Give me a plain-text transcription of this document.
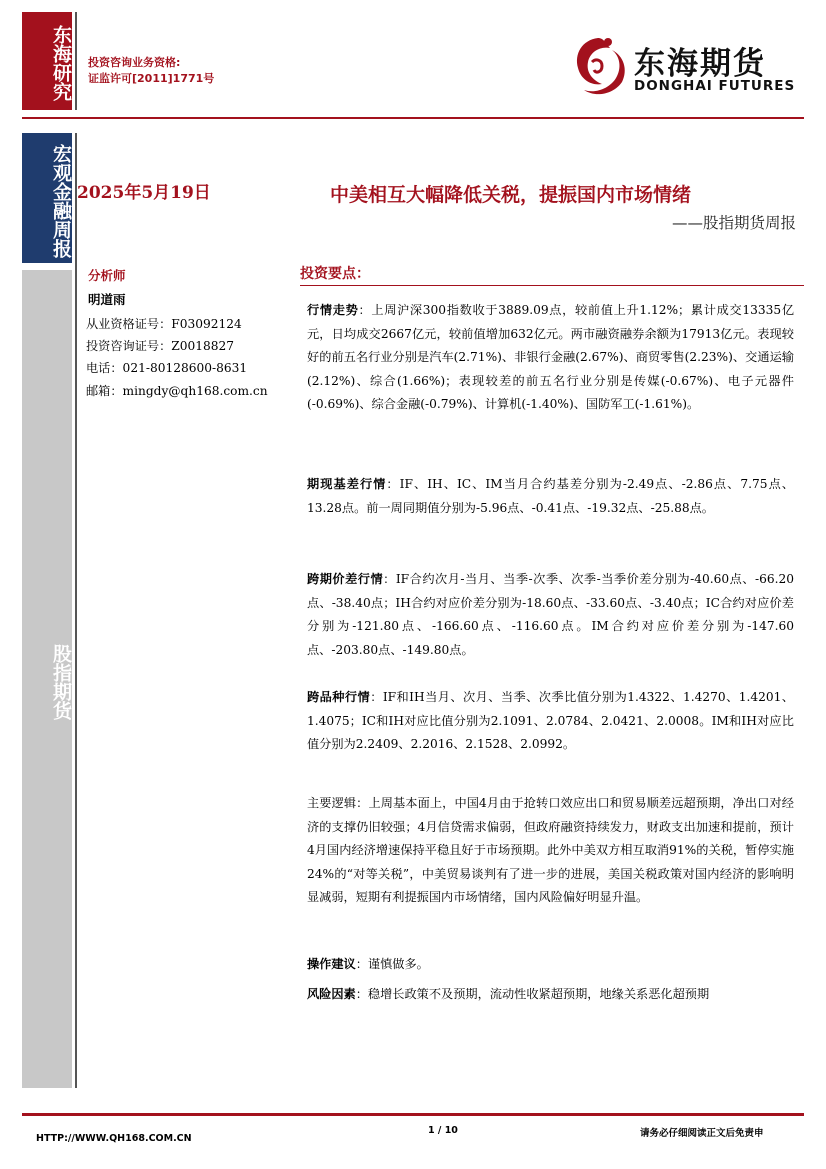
东海研究
宏观金融周报
股指期货
投资咨询业务资格:
证监许可[2011]1771号	东海期货
DONGHAI FUTURES
2025年5月19日	中美相互大幅降低关税，提振国内市场情绪
——股指期货周报
分析师
明道雨
从业资格证号：F03092124
投资咨询证号：Z0018827
电话：021-80128600-8631
邮箱：mingdy@qh168.com.cn
投资要点：
行情走势：上周沪深300指数收于3889.09点，较前值上升1.12%；累计成交13335亿元，日均成交2667亿元，较前值增加632亿元。两市融资融券余额为17913亿元。表现较好的前五名行业分别是汽车(2.71%)、非银行金融(2.67%)、商贸零售(2.23%)、交通运输(2.12%)、综合(1.66%)；表现较差的前五名行业分别是传媒(-0.67%)、电子元器件(-0.69%)、综合金融(-0.79%)、计算机(-1.40%)、国防军工(-1.61%)。
期现基差行情：IF、IH、IC、IM当月合约基差分别为-2.49点、-2.86点、7.75点、13.28点。前一周同期值分别为-5.96点、-0.41点、-19.32点、-25.88点。
跨期价差行情：IF合约次月-当月、当季-次季、次季-当季价差分别为-40.60点、-66.20点、-38.40点；IH合约对应价差分别为-18.60点、-33.60点、-3.40点；IC合约对应价差分别为-121.80点、-166.60点、-116.60点。IM合约对应价差分别为-147.60点、-203.80点、-149.80点。
跨品种行情：IF和IH当月、次月、当季、次季比值分别为1.4322、1.4270、1.4201、1.4075；IC和IH对应比值分别为2.1091、2.0784、2.0421、2.0008。IM和IH对应比值分别为2.2409、2.2016、2.1528、2.0992。
主要逻辑：上周基本面上，中国4月由于抢转口效应出口和贸易顺差远超预期，净出口对经济的支撑仍旧较强；4月信贷需求偏弱，但政府融资持续发力，财政支出加速和提前，预计4月国内经济增速保持平稳且好于市场预期。此外中美双方相互取消91%的关税，暂停实施24%的“对等关税”，中美贸易谈判有了进一步的进展，美国关税政策对国内经济的影响明显减弱，短期有利提振国内市场情绪，国内风险偏好明显升温。
操作建议：谨慎做多。
风险因素：稳增长政策不及预期，流动性收紧超预期，地缘关系恶化超预期
HTTP://WWW.QH168.COM.CN
1 / 10	请务必仔细阅读正文后免责申
